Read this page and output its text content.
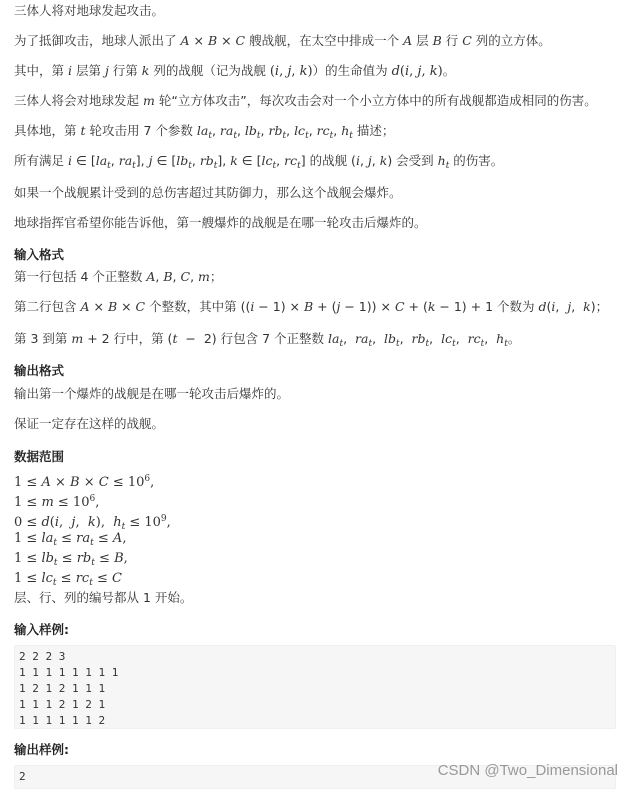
三体人将对地球发起攻击。
为了抵御攻击，地球人派出了 A × B × C 艘战舰，在太空中排成一个 A 层 B 行 C 列的立方体。
其中，第 i 层第 j 行第 k 列的战舰（记为战舰 (i, j, k)）的生命值为 d(i, j, k)。
三体人将会对地球发起 m 轮“立方体攻击”，每次攻击会对一个小立方体中的所有战舰都造成相同的伤害。
具体地，第 t 轮攻击用 7 个参数 $la_t$, $ra_t$, $lb_t$, $rb_t$, $lc_t$, $rc_t$, $h_t$ 描述；
所有满足 i ∈ [$la_t$, $ra_t$], j ∈ [$lb_t$, $rb_t$], k ∈ [$lc_t$, $rc_t$] 的战舰 (i, j, k) 会受到 $h_t$ 的伤害。
如果一个战舰累计受到的总伤害超过其防御力，那么这个战舰会爆炸。
地球指挥官希望你能告诉他，第一艘爆炸的战舰是在哪一轮攻击后爆炸的。
输入格式
第一行包括 4 个正整数 A, B, C, m；
第二行包含 A × B × C 个整数，其中第 ((i − 1) × B + (j − 1)) × C + (k − 1) + 1 个数为 d(i,  j,  k)；
第 3 到第 m + 2 行中，第 (t  −  2) 行包含 7 个正整数 $la_t$,  $ra_t$,  $lb_t$,  $rb_t$,  $lc_t$,  $rc_t$,  $h_t$。
输出格式
输出第一个爆炸的战舰是在哪一轮攻击后爆炸的。
保证一定存在这样的战舰。
数据范围
$1 \le A \times B \times C \le 10^6$,
$1 \le m \le 10^6$,
0 ≤ d(i,  j,  k),  $h_t \le 10^9$,
$1 \le la_t \le ra_t \le A$,
$1 \le lb_t \le rb_t \le B$,
$1 \le lc_t \le rc_t \le C$
层、行、列的编号都从 1 开始。
输入样例:
2 2 2 3
1 1 1 1 1 1 1 1
1 2 1 2 1 1 1
1 1 1 2 1 2 1
1 1 1 1 1 1 2
输出样例:
2	CSDN @Two_Dimensional
